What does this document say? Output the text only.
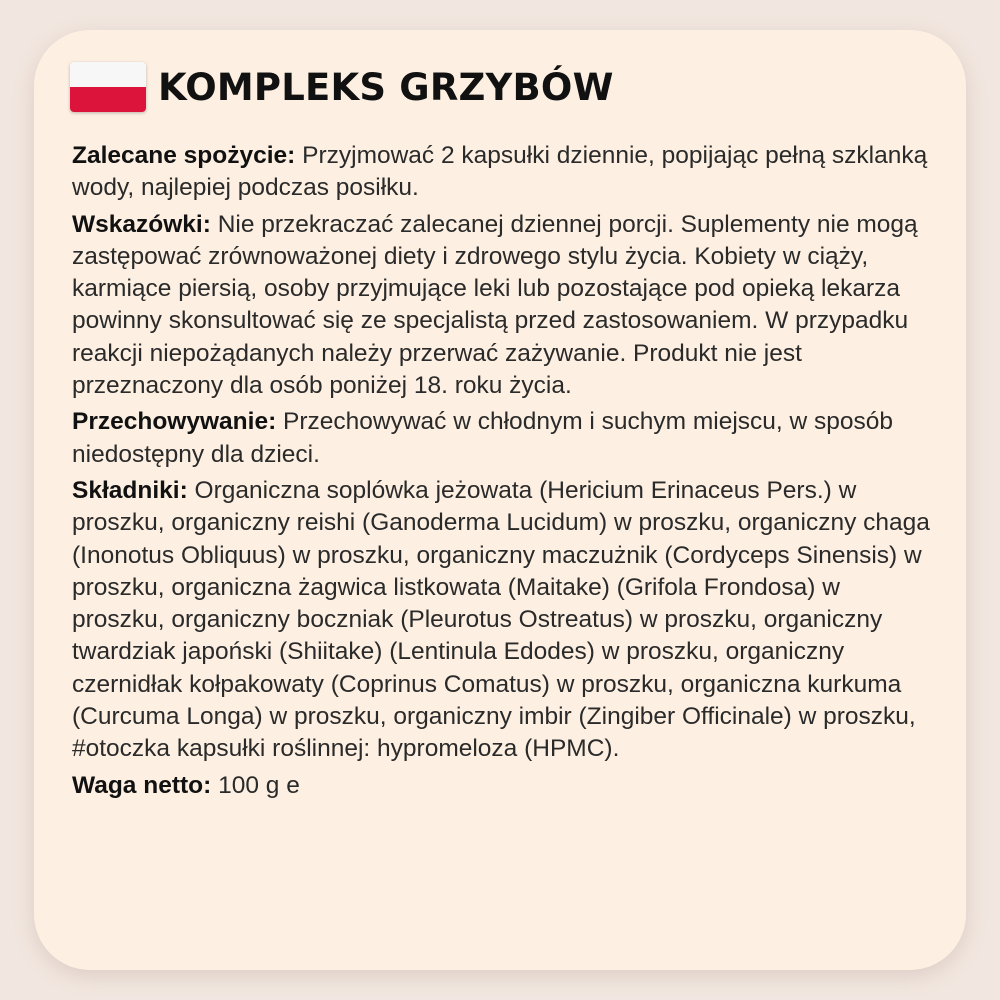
KOMPLEKS GRZYBÓW

Zalecane spożycie: Przyjmować 2 kapsułki dziennie, popijając pełną szklanką wody, najlepiej podczas posiłku.

Wskazówki: Nie przekraczać zalecanej dziennej porcji. Suplementy nie mogą zastępować zrównoważonej diety i zdrowego stylu życia. Kobiety w ciąży, karmiące piersią, osoby przyjmujące leki lub pozostające pod opieką lekarza powinny skonsultować się ze specjalistą przed zastosowaniem. W przypadku reakcji niepożądanych należy przerwać zażywanie. Produkt nie jest przeznaczony dla osób poniżej 18. roku życia.

Przechowywanie: Przechowywać w chłodnym i suchym miejscu, w sposób niedostępny dla dzieci.

Składniki: Organiczna soplówka jeżowata (Hericium Erinaceus Pers.) w proszku, organiczny reishi (Ganoderma Lucidum) w proszku, organiczny chaga (Inonotus Obliquus) w proszku, organiczny maczużnik (Cordyceps Sinensis) w proszku, organiczna żagwica listkowata (Maitake) (Grifola Frondosa) w proszku, organiczny boczniak (Pleurotus Ostreatus) w proszku, organiczny twardziak japoński (Shiitake) (Lentinula Edodes) w proszku, organiczny czernidłak kołpakowaty (Coprinus Comatus) w proszku, organiczna kurkuma (Curcuma Longa) w proszku, organiczny imbir (Zingiber Officinale) w proszku, #otoczka kapsułki roślinnej: hypromeloza (HPMC).

Waga netto: 100 g e
